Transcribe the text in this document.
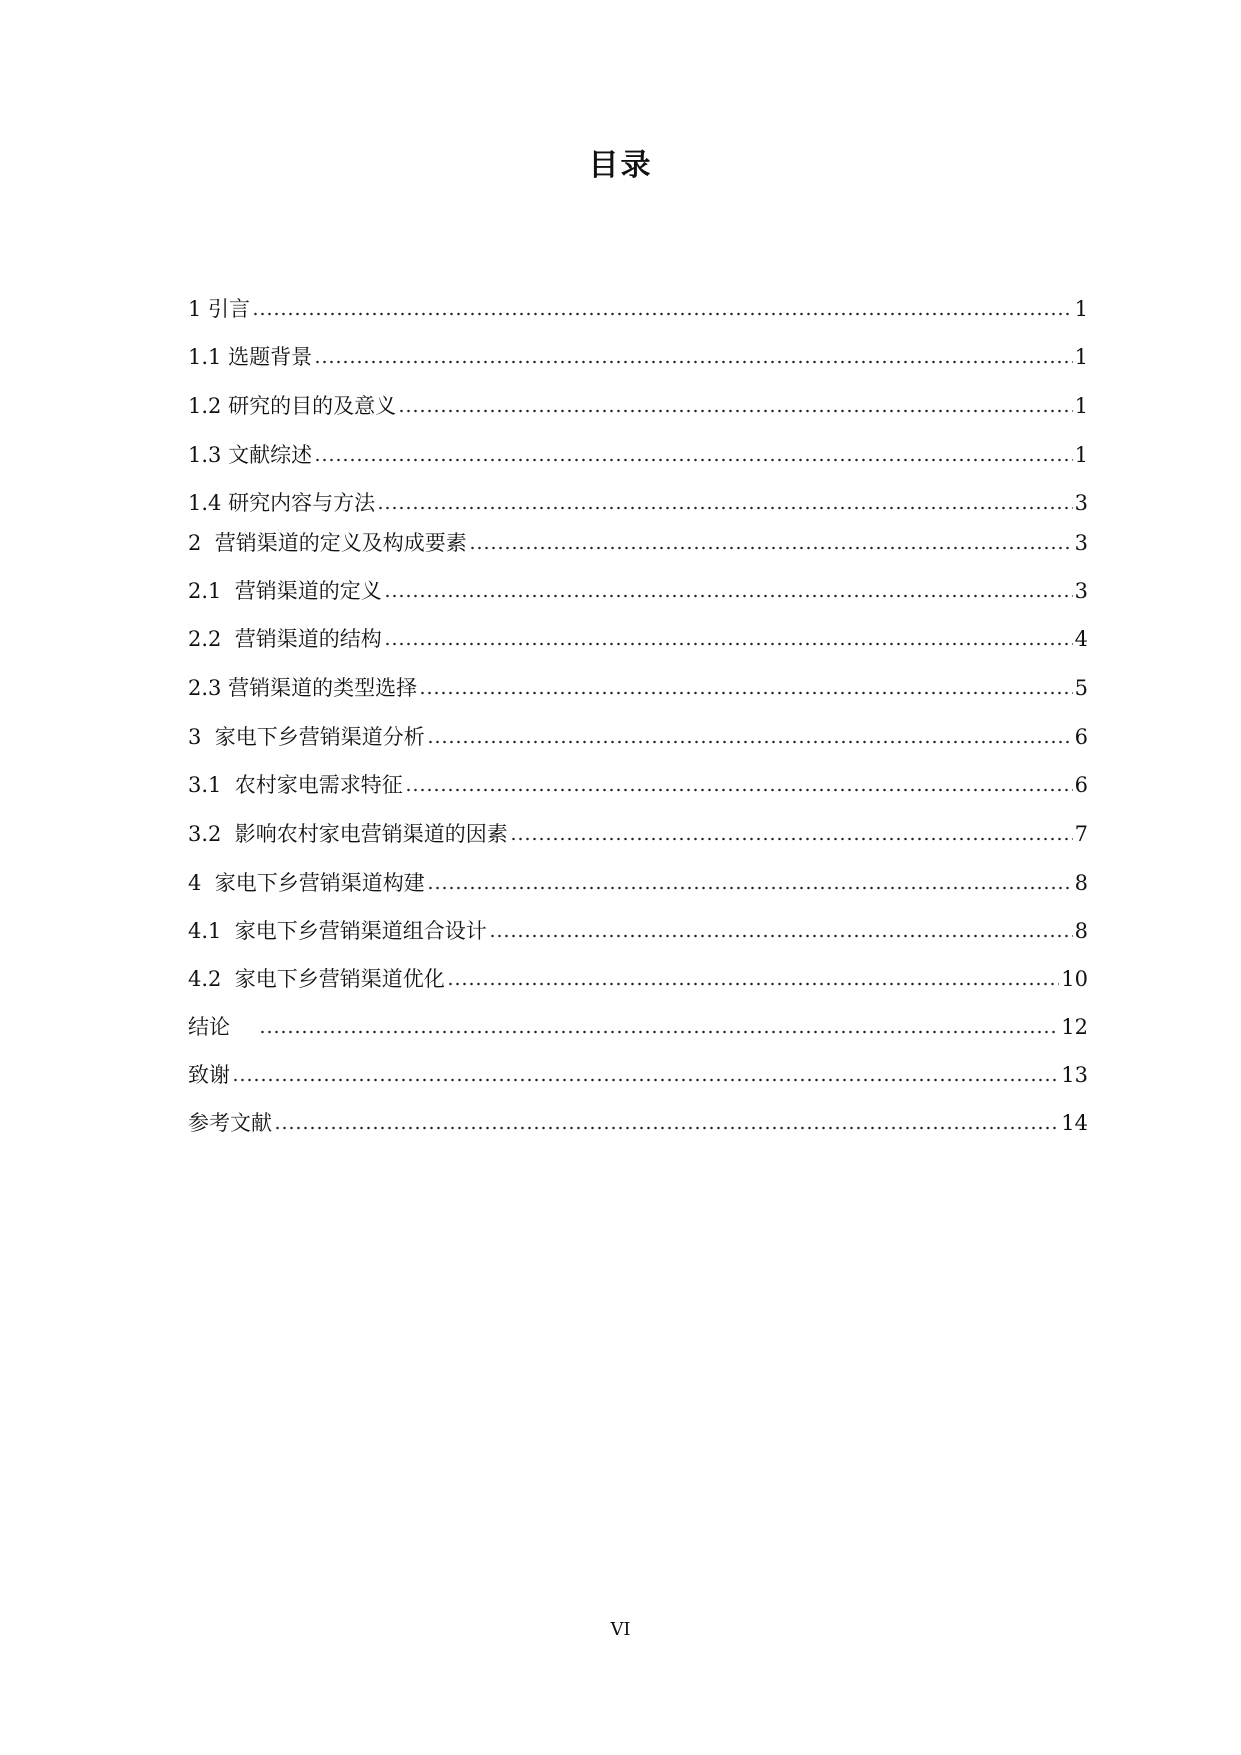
目录
1 引言	1
1.1 选题背景	1
1.2 研究的目的及意义	1
1.3 文献综述	1
1.4 研究内容与方法	3
2  营销渠道的定义及构成要素	3
2.1  营销渠道的定义	3
2.2  营销渠道的结构	4
2.3 营销渠道的类型选择	5
3  家电下乡营销渠道分析	6
3.1  农村家电需求特征	6
3.2  影响农村家电营销渠道的因素	7
4  家电下乡营销渠道构建	8
4.1  家电下乡营销渠道组合设计	8
4.2  家电下乡营销渠道优化	10
结论	12
致谢	13
参考文献	14
VI
